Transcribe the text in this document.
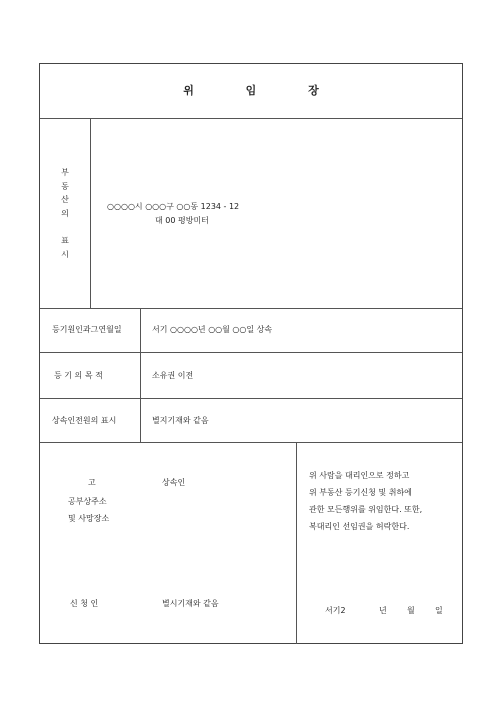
위	임	장
부
동
산
의
표
시
○○○○시 ○○○구 ○○동 1234 - 12
대 00 평방미터
등기원인과그연월일	서기 ○○○○년 ○○월 ○○일 상속
등 기 의 목 적	소유권 이전
상속인전원의 표시	별지기재와 같음
고	상속인
공부상주소
및 사망장소
신 청 인	별시기재와 같음
위 사람을 대리인으로 정하고
위 부동산 등기신청 및 취하에
관한 모든행위를 위임한다. 또한,
복대리인 선임권을 허락한다.
서기2	년	월	일
